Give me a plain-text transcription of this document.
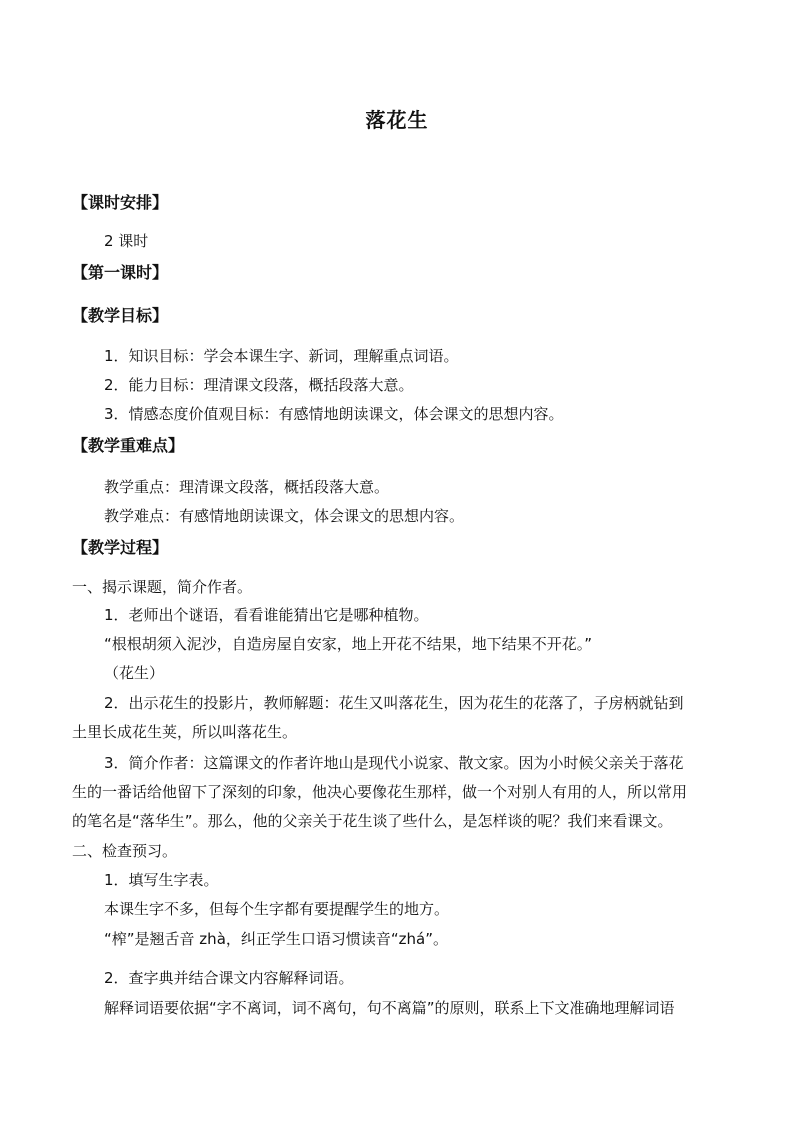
落花生
【课时安排】
2 课时
【第一课时】
【教学目标】
1．知识目标：学会本课生字、新词，理解重点词语。
2．能力目标：理清课文段落，概括段落大意。
3．情感态度价值观目标：有感情地朗读课文，体会课文的思想内容。
【教学重难点】
教学重点：理清课文段落，概括段落大意。
教学难点：有感情地朗读课文，体会课文的思想内容。
【教学过程】
一、揭示课题，简介作者。
1．老师出个谜语，看看谁能猜出它是哪种植物。
“根根胡须入泥沙，自造房屋自安家，地上开花不结果，地下结果不开花。”
（花生）
2．出示花生的投影片，教师解题：花生又叫落花生，因为花生的花落了，子房柄就钻到
土里长成花生荚，所以叫落花生。
3．简介作者：这篇课文的作者许地山是现代小说家、散文家。因为小时候父亲关于落花
生的一番话给他留下了深刻的印象，他决心要像花生那样，做一个对别人有用的人，所以常用
的笔名是“落华生”。那么，他的父亲关于花生谈了些什么，是怎样谈的呢？我们来看课文。
二、检查预习。
1．填写生字表。
本课生字不多，但每个生字都有要提醒学生的地方。
“榨”是翘舌音 zhà，纠正学生口语习惯读音“zhá”。
2．查字典并结合课文内容解释词语。
解释词语要依据“字不离词，词不离句，句不离篇”的原则，联系上下文准确地理解词语
